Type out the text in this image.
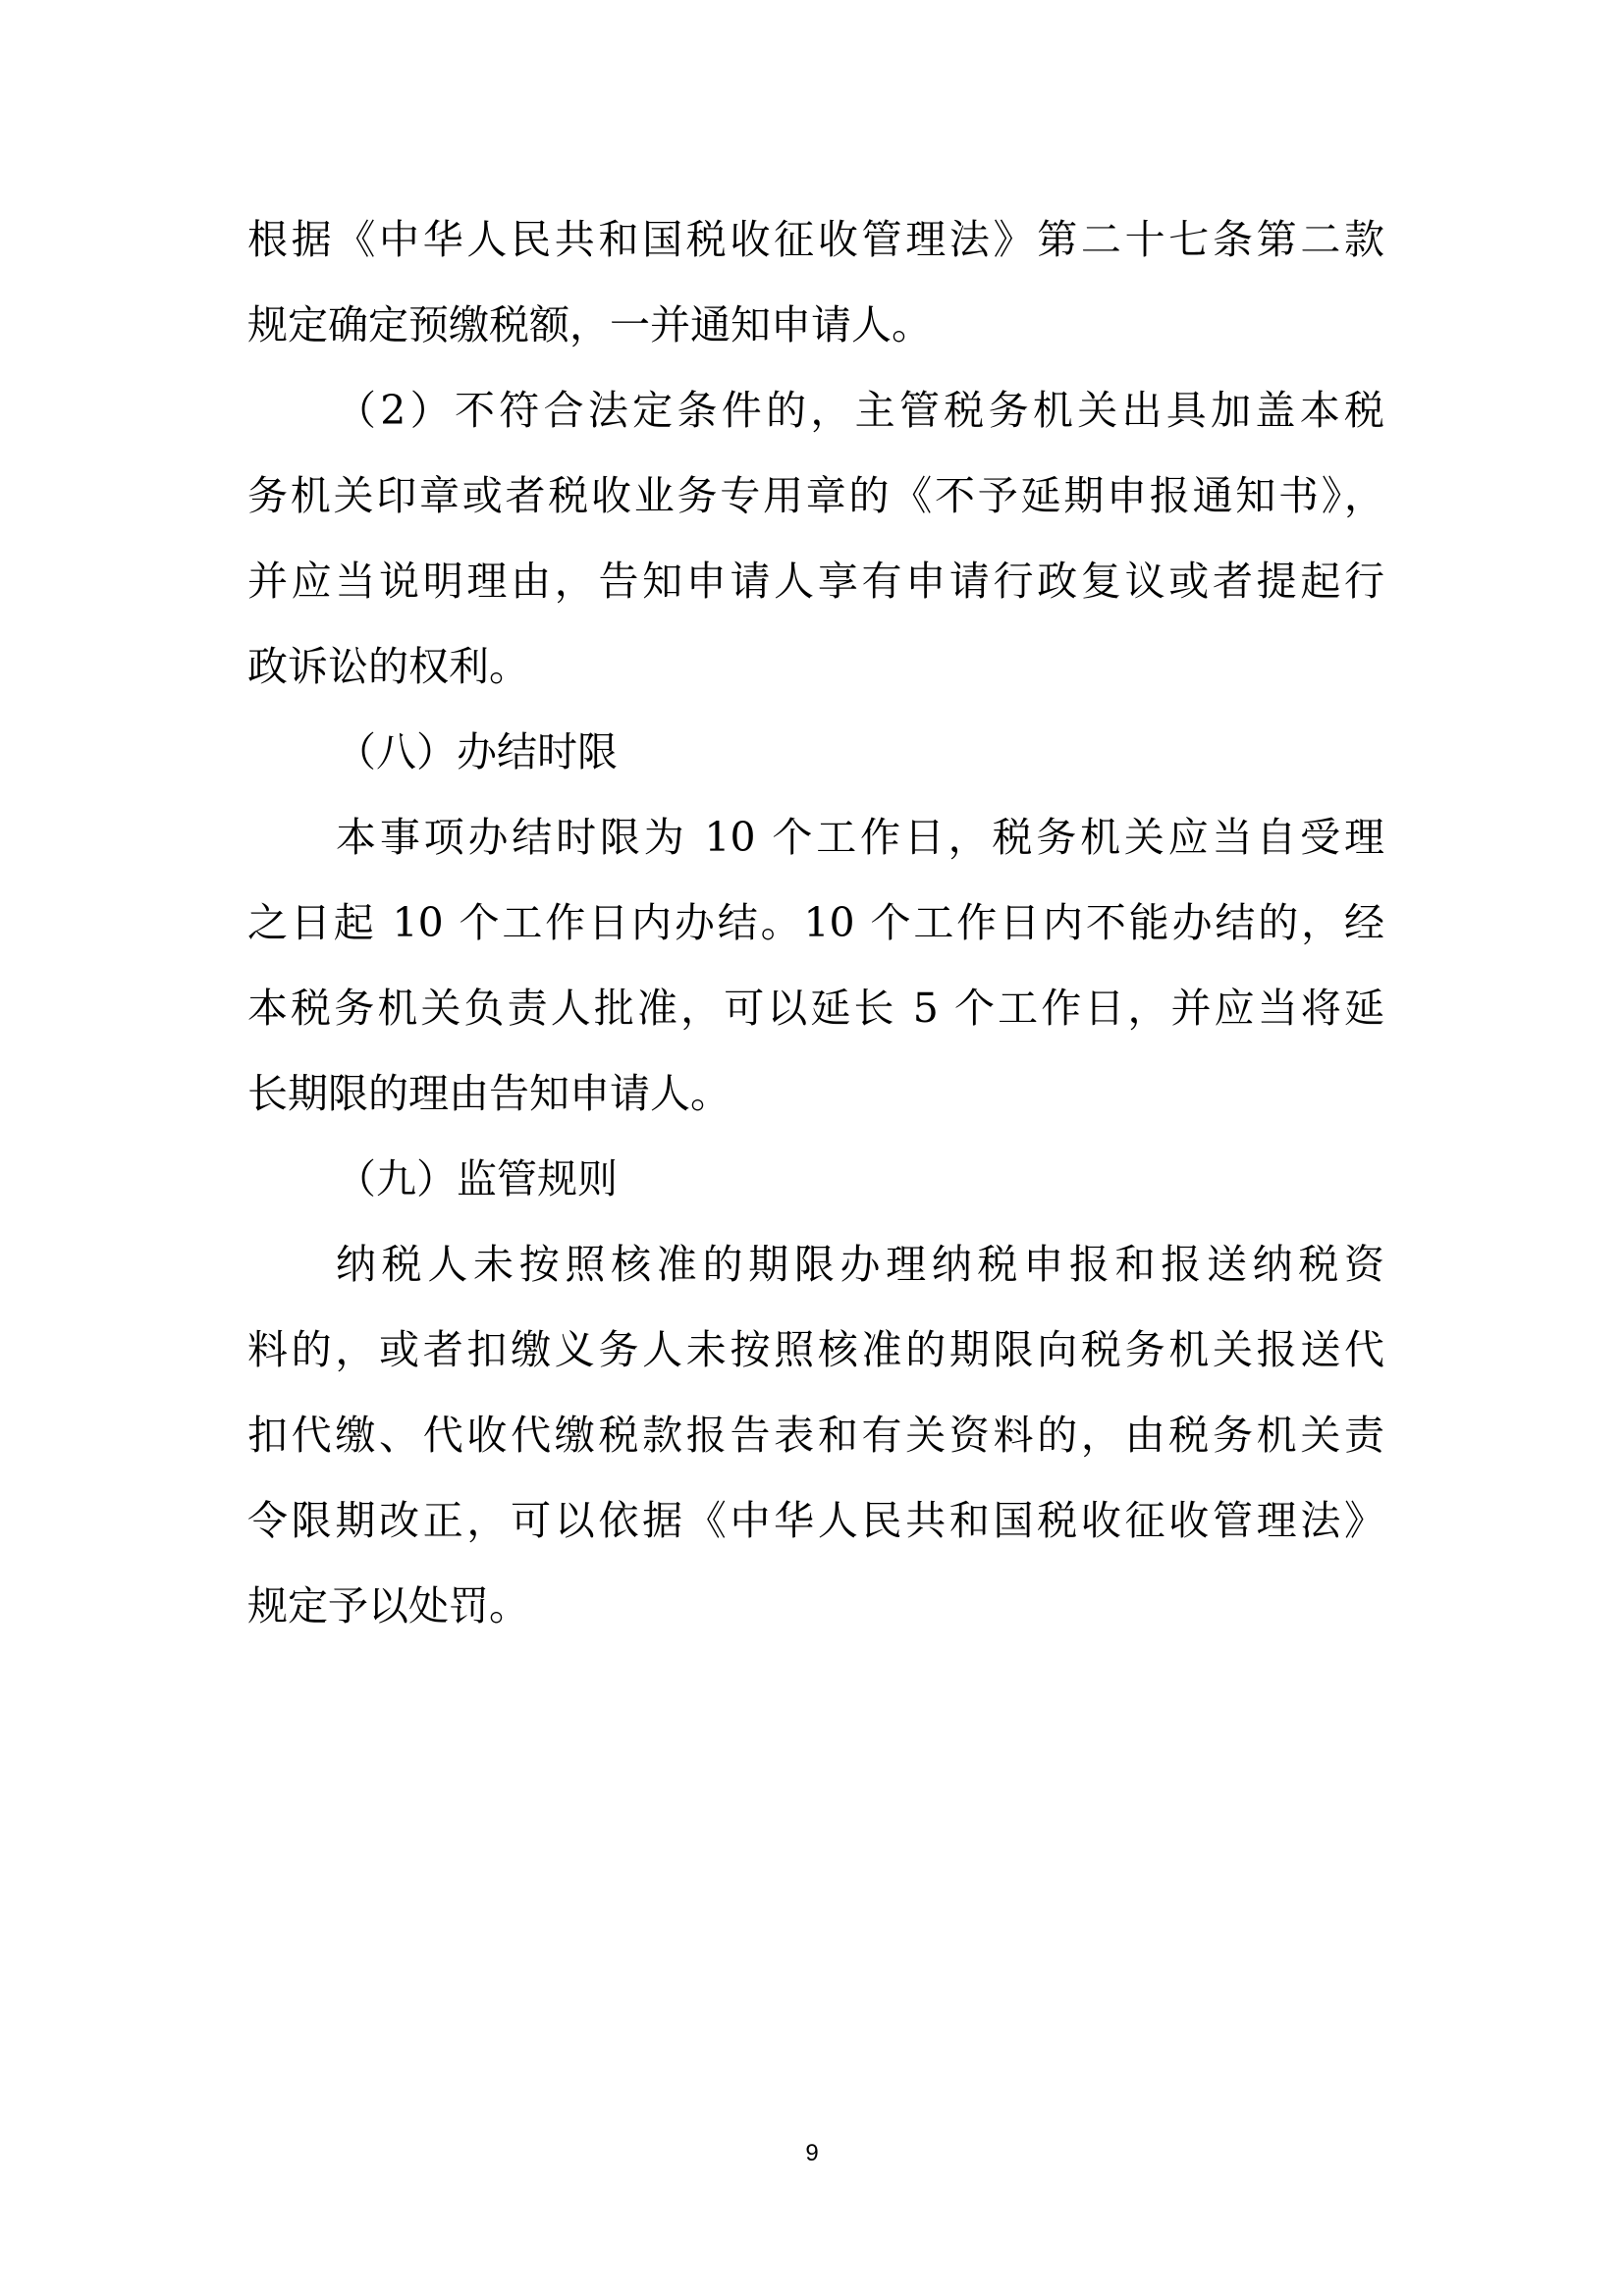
根据《中华人民共和国税收征收管理法》第二十七条第二款
规定确定预缴税额，一并通知申请人。
（2）不符合法定条件的，主管税务机关出具加盖本税
务机关印章或者税收业务专用章的《不予延期申报通知书》，
并应当说明理由，告知申请人享有申请行政复议或者提起行
政诉讼的权利。
（八）办结时限
本事项办结时限为 10 个工作日，税务机关应当自受理
之日起 10 个工作日内办结。10 个工作日内不能办结的，经
本税务机关负责人批准，可以延长 5 个工作日，并应当将延
长期限的理由告知申请人。
（九）监管规则
纳税人未按照核准的期限办理纳税申报和报送纳税资
料的，或者扣缴义务人未按照核准的期限向税务机关报送代
扣代缴、代收代缴税款报告表和有关资料的，由税务机关责
令限期改正，可以依据《中华人民共和国税收征收管理法》
规定予以处罚。
9
